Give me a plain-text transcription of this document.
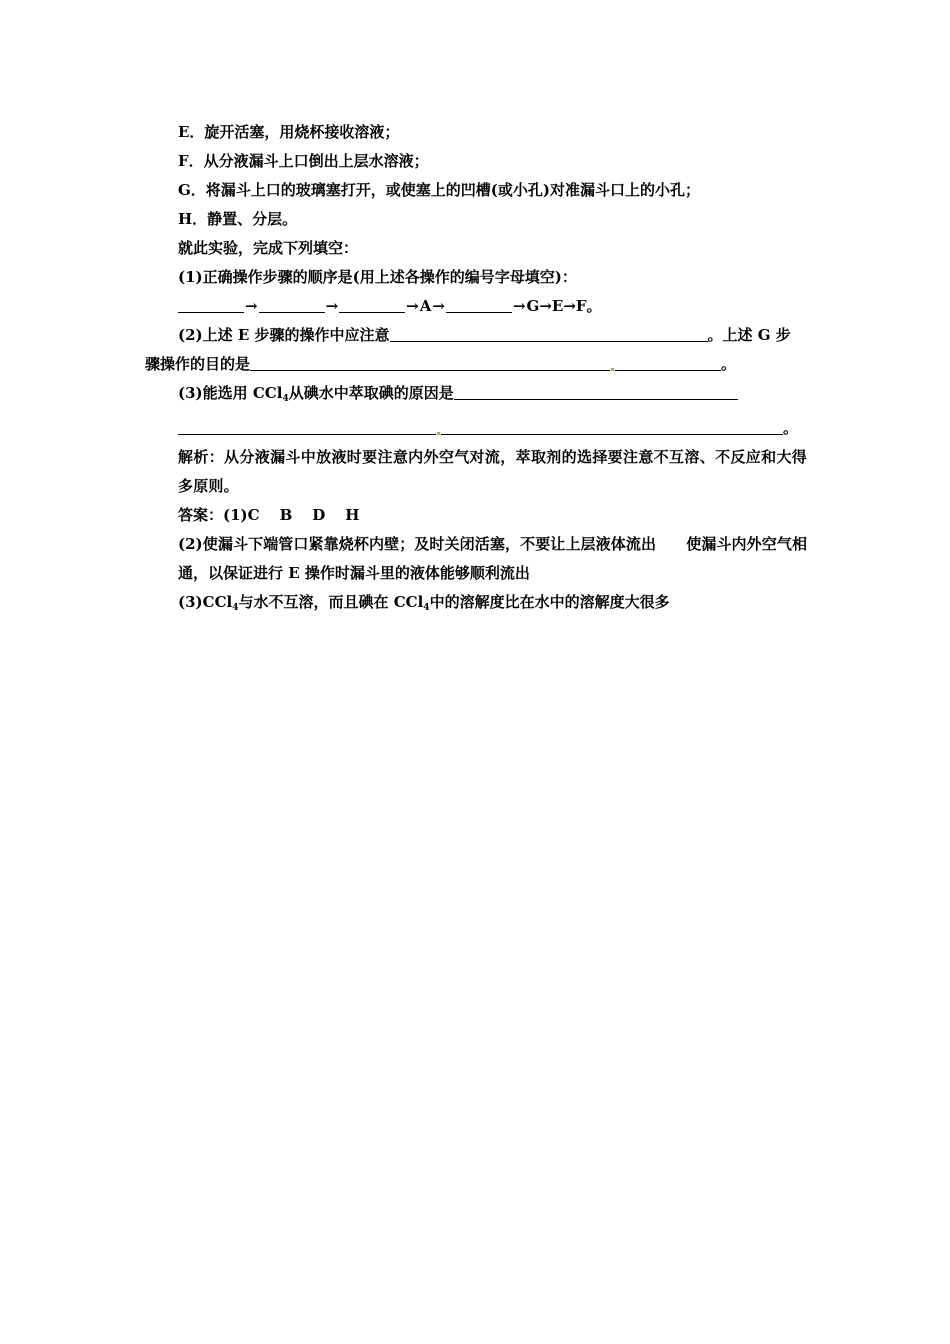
E．旋开活塞，用烧杯接收溶液；
F．从分液漏斗上口倒出上层水溶液；
G．将漏斗上口的玻璃塞打开，或使塞上的凹槽(或小孔)对准漏斗口上的小孔；
H．静置、分层。
就此实验，完成下列填空：
(1)正确操作步骤的顺序是(用上述各操作的编号字母填空)：
→	→	→A→	→G→E→F。
(2)上述 E 步骤的操作中应注意	。上述 G 步
骤操作的目的是	。
(3)能选用 CCl$_4$从碘水中萃取碘的原因是
。
解析：从分液漏斗中放液时要注意内外空气对流，萃取剂的选择要注意不互溶、不反应和大得多原则。
答案：(1)C B D H
(2)使漏斗下端管口紧靠烧杯内壁；及时关闭活塞，不要让上层液体流出 使漏斗内外空气相通，以保证进行 E 操作时漏斗里的液体能够顺利流出
(3)CCl$_4$与水不互溶，而且碘在 CCl$_4$中的溶解度比在水中的溶解度大很多
